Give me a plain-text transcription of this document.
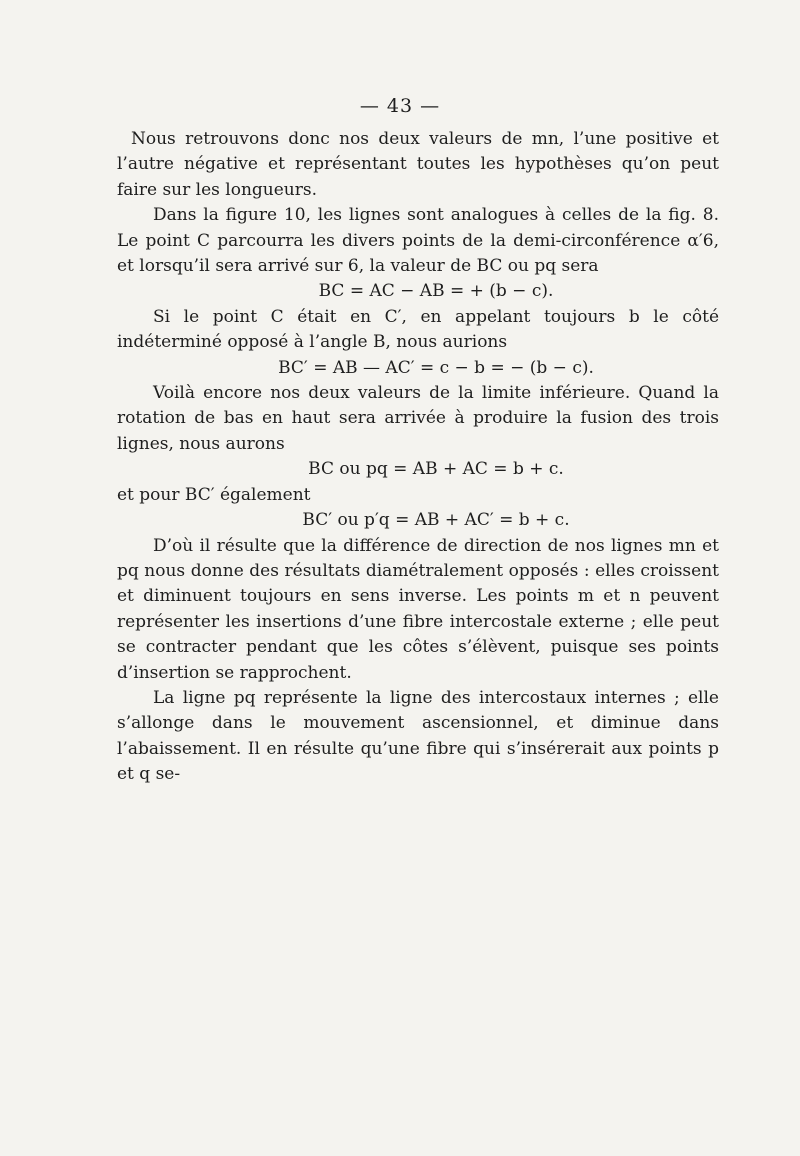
— 43 —

Nous retrouvons donc nos deux valeurs de mn, l’une positive et l’autre négative et représentant toutes les hypothèses qu’on peut faire sur les longueurs.

Dans la figure 10, les lignes sont analogues à celles de la fig. 8. Le point C parcourra les divers points de la demi-circonférence α′6, et lorsqu’il sera arrivé sur 6, la valeur de BC ou pq sera

BC = AC − AB = + (b − c).

Si le point C était en C′, en appelant toujours b le côté indéterminé opposé à l’angle B, nous aurions

BC′ = AB — AC′ = c − b = − (b − c).

Voilà encore nos deux valeurs de la limite inférieure. Quand la rotation de bas en haut sera arrivée à produire la fusion des trois lignes, nous aurons

BC ou pq = AB + AC = b + c.

et pour BC′ également

BC′ ou p′q = AB + AC′ = b + c.

D’où il résulte que la différence de direction de nos lignes mn et pq nous donne des résultats diamétralement opposés : elles croissent et diminuent toujours en sens inverse. Les points m et n peuvent représenter les insertions d’une fibre intercostale externe ; elle peut se contracter pendant que les côtes s’élèvent, puisque ses points d’insertion se rapprochent.

La ligne pq représente la ligne des intercostaux internes ; elle s’allonge dans le mouvement ascensionnel, et diminue dans l’abaissement. Il en résulte qu’une fibre qui s’insérerait aux points p et q se-
